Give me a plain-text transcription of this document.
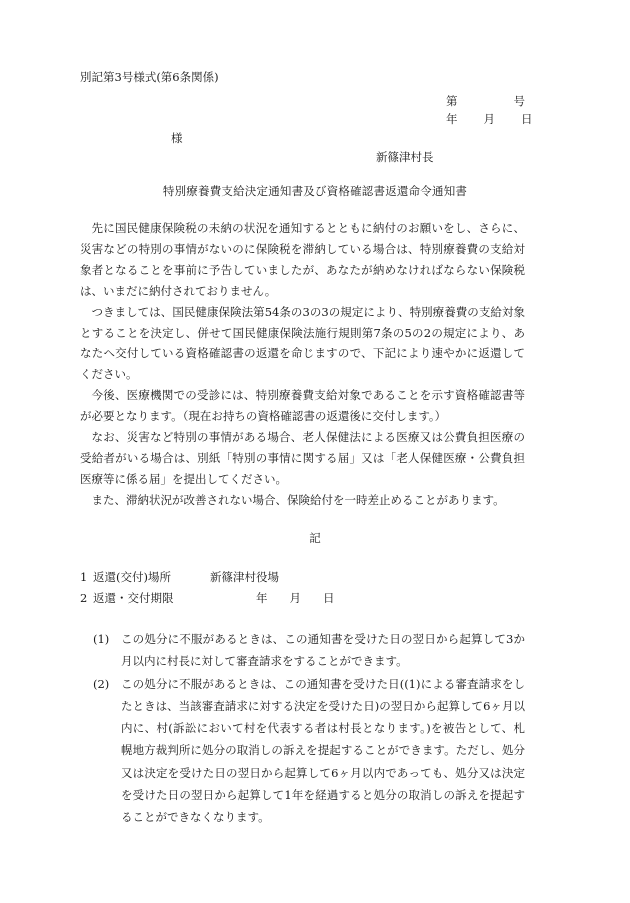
別記第3号様式(第6条関係)
第	号
年 月 日
様
新篠津村長
特別療養費支給決定通知書及び資格確認書返還命令通知書

先に国民健康保険税の未納の状況を通知するとともに納付のお願いをし、さらに、災害などの特別の事情がないのに保険税を滞納している場合は、特別療養費の支給対象者となることを事前に予告していましたが、あなたが納めなければならない保険税は、いまだに納付されておりません。

つきましては、国民健康保険法第54条の3の3の規定により、特別療養費の支給対象とすることを決定し、併せて国民健康保険法施行規則第7条の5の2の規定により、あなたへ交付している資格確認書の返還を命じますので、下記により速やかに返還してください。

今後、医療機関での受診には、特別療養費支給対象であることを示す資格確認書等が必要となります。（現在お持ちの資格確認書の返還後に交付します。）

なお、災害など特別の事情がある場合、老人保健法による医療又は公費負担医療の受給者がいる場合は、別紙「特別の事情に関する届」又は「老人保健医療・公費負担医療等に係る届」を提出してください。

また、滞納状況が改善されない場合、保険給付を一時差止めることがあります。

記
1 返還(交付)場所	新篠津村役場
2 返還・交付期限	年 月 日
(1) この処分に不服があるときは、この通知書を受けた日の翌日から起算して3か月以内に村長に対して審査請求をすることができます。
(2) この処分に不服があるときは、この通知書を受けた日((1)による審査請求をしたときは、当該審査請求に対する決定を受けた日)の翌日から起算して6ヶ月以内に、村(訴訟において村を代表する者は村長となります。)を被告として、札幌地方裁判所に処分の取消しの訴えを提起することができます。ただし、処分又は決定を受けた日の翌日から起算して6ヶ月以内であっても、処分又は決定を受けた日の翌日から起算して1年を経過すると処分の取消しの訴えを提起することができなくなります。
